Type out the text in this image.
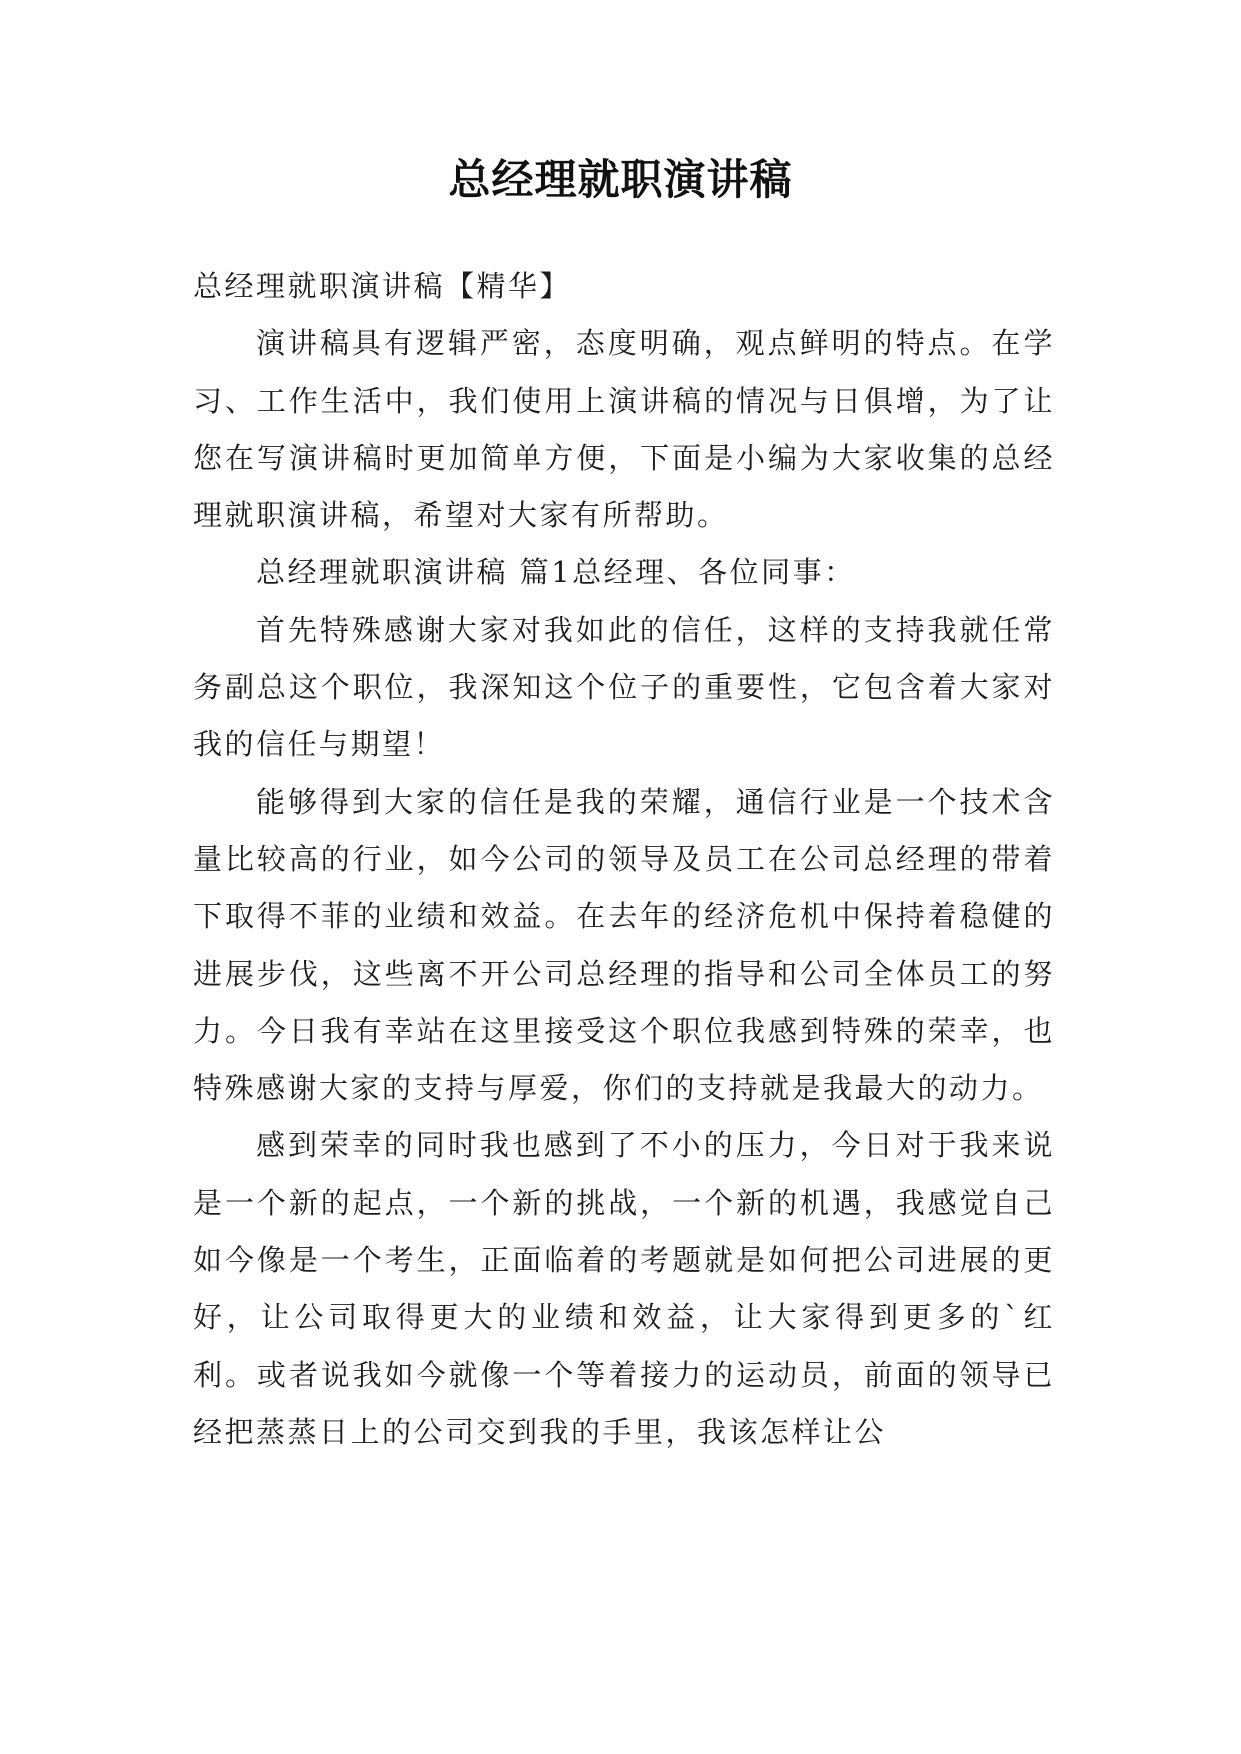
总经理就职演讲稿

总经理就职演讲稿【精华】

演讲稿具有逻辑严密，态度明确，观点鲜明的特点。在学习、工作生活中，我们使用上演讲稿的情况与日俱增，为了让您在写演讲稿时更加简单方便，下面是小编为大家收集的总经理就职演讲稿，希望对大家有所帮助。

总经理就职演讲稿 篇1总经理、各位同事：

首先特殊感谢大家对我如此的信任，这样的支持我就任常务副总这个职位，我深知这个位子的重要性，它包含着大家对我的信任与期望！

能够得到大家的信任是我的荣耀，通信行业是一个技术含量比较高的行业，如今公司的领导及员工在公司总经理的带着下取得不菲的业绩和效益。在去年的经济危机中保持着稳健的进展步伐，这些离不开公司总经理的指导和公司全体员工的努力。今日我有幸站在这里接受这个职位我感到特殊的荣幸，也特殊感谢大家的支持与厚爱，你们的支持就是我最大的动力。

感到荣幸的同时我也感到了不小的压力，今日对于我来说是一个新的起点，一个新的挑战，一个新的机遇，我感觉自己如今像是一个考生，正面临着的考题就是如何把公司进展的更好，让公司取得更大的业绩和效益，让大家得到更多的`红利。或者说我如今就像一个等着接力的运动员，前面的领导已经把蒸蒸日上的公司交到我的手里，我该怎样让公
